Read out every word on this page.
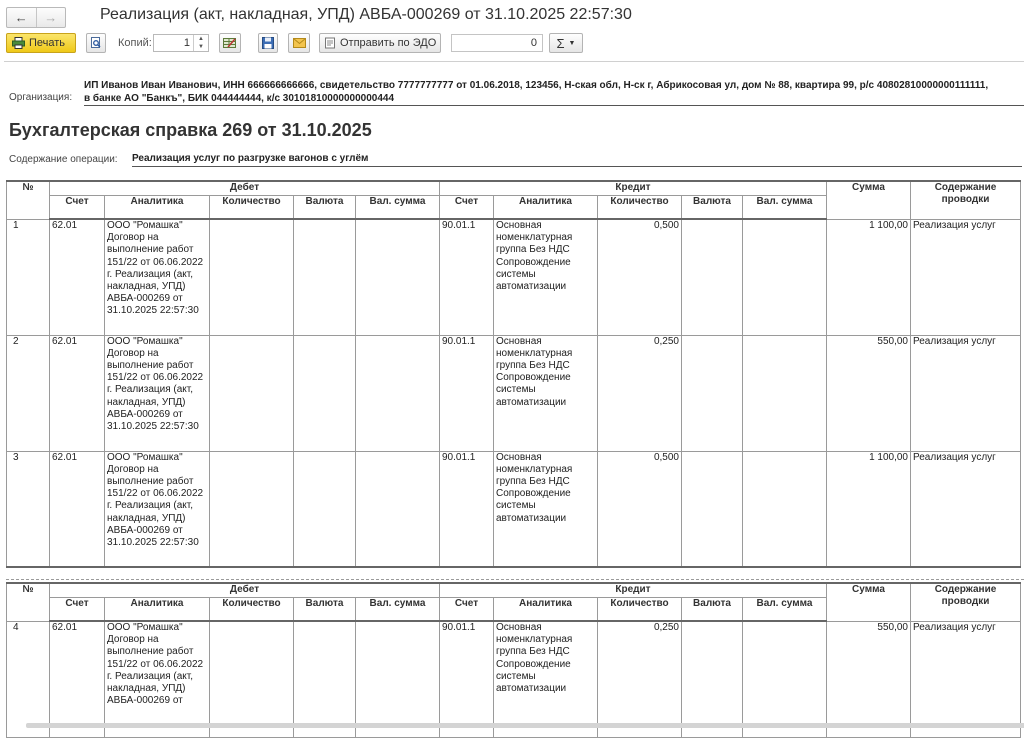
←	→	Реализация (акт, накладная, УПД) АВБА-000269 от 31.10.2025 22:57:30
Печать	Копий:	1	▲
▼	Отправить по ЭДО	0	Σ ▼
Организация:
ИП Иванов Иван Иванович, ИНН 666666666666, свидетельство 7777777777 от 01.06.2018, 123456, Н-ская обл, Н-ск г, Абрикосовая ул, дом № 88, квартира 99, р/с 40802810000000111111,
в банке АО "Банкъ", БИК 044444444, к/с 30101810000000000444
Бухгалтерская справка 269 от 31.10.2025
Содержание операции: Реализация услуг по разгрузке вагонов с углём
№	Дебет					Кредит					Сумма	Содержание проводки
	Счет	Аналитика	Количество	Валюта	Вал. сумма	Счет	Аналитика	Количество	Валюта	Вал. сумма		
1	62.01	ООО "Ромашка" Договор на выполнение работ 151/22 от 06.06.2022 г. Реализация (акт, накладная, УПД) АВБА-000269 от 31.10.2025 22:57:30				90.01.1	Основная номенклатурная группа Без НДС Сопровождение системы автоматизации	0,500			1 100,00	Реализация услуг
2	62.01	ООО "Ромашка" Договор на выполнение работ 151/22 от 06.06.2022 г. Реализация (акт, накладная, УПД) АВБА-000269 от 31.10.2025 22:57:30				90.01.1	Основная номенклатурная группа Без НДС Сопровождение системы автоматизации	0,250			550,00	Реализация услуг
3	62.01	ООО "Ромашка" Договор на выполнение работ 151/22 от 06.06.2022 г. Реализация (акт, накладная, УПД) АВБА-000269 от 31.10.2025 22:57:30				90.01.1	Основная номенклатурная группа Без НДС Сопровождение системы автоматизации	0,500			1 100,00	Реализация услуг
№	Дебет					Кредит					Сумма	Содержание проводки
	Счет	Аналитика	Количество	Валюта	Вал. сумма	Счет	Аналитика	Количество	Валюта	Вал. сумма		
4	62.01	ООО "Ромашка" Договор на выполнение работ 151/22 от 06.06.2022 г. Реализация (акт, накладная, УПД) АВБА-000269 от				90.01.1	Основная номенклатурная группа Без НДС Сопровождение системы автоматизации	0,250			550,00	Реализация услуг
